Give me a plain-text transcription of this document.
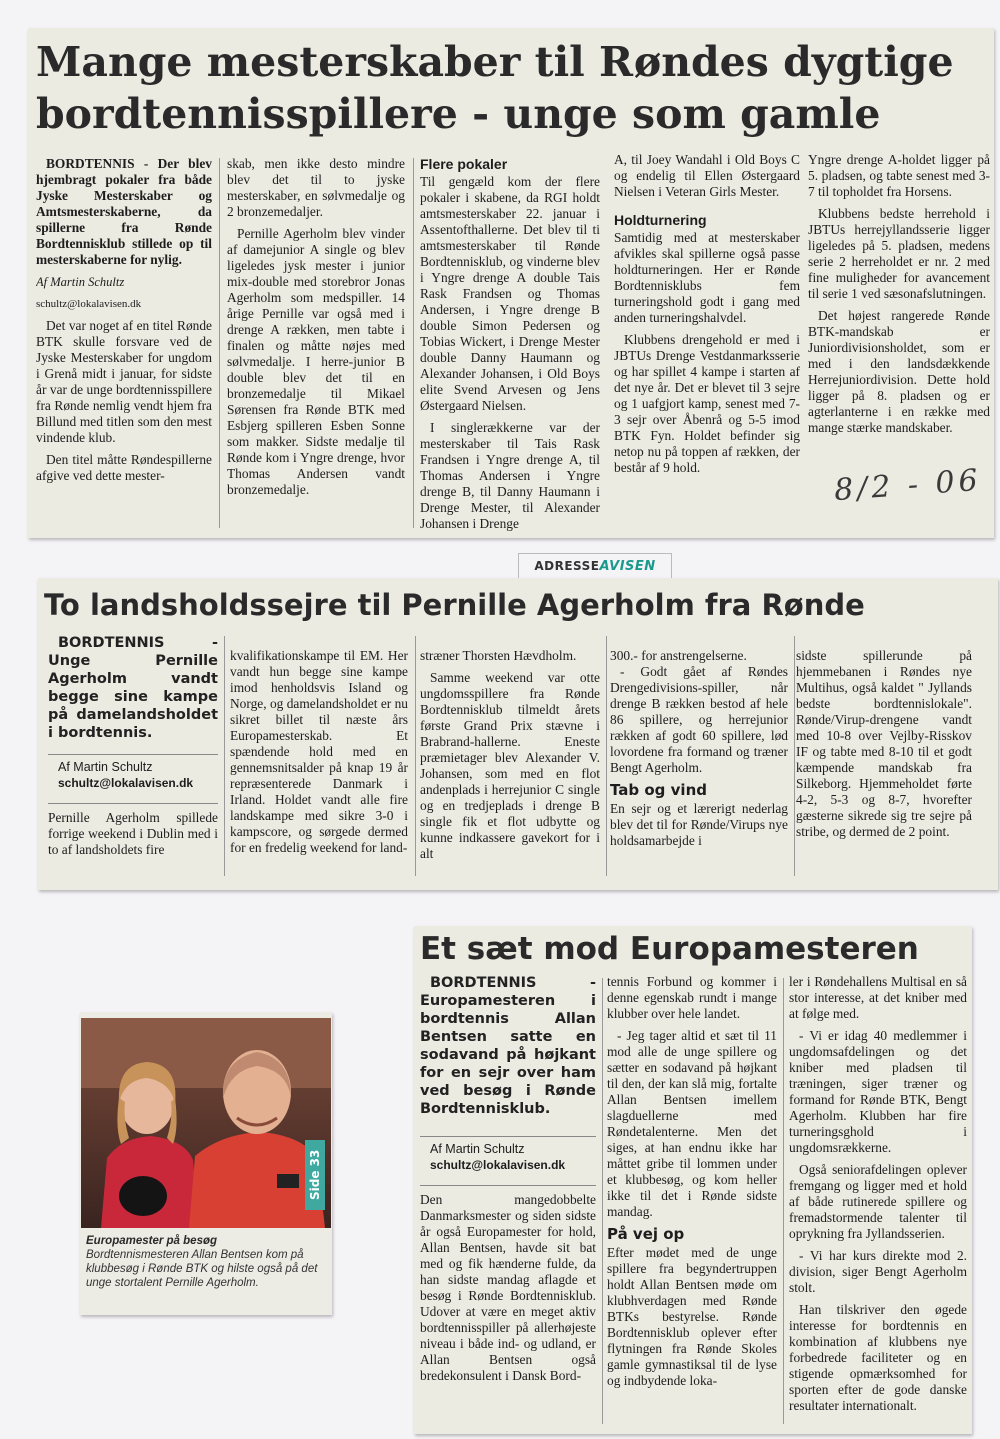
Mange mesterskaber til Røndes dygtige bordtennisspillere - unge som gamle

BORDTENNIS - Der blev hjembragt pokaler fra både Jyske Mesterskaber og Amtsmesterskaberne, da spillerne fra Rønde Bordtennisklub stillede op til mesterskaberne for nylig.

Af Martin Schultz

schultz@lokalavisen.dk

Det var noget af en titel Rønde BTK skulle forsvare ved de Jyske Mesterskaber for ungdom i Grenå midt i januar, for sidste år var de unge bordtennisspillere fra Rønde nemlig vendt hjem fra Billund med titlen som den mest vindende klub.

Den titel måtte Røndespillerne afgive ved dette mester-

skab, men ikke desto mindre blev det til to jyske mesterskaber, en sølvmedalje og 2 bronzemedaljer.

Pernille Agerholm blev vinder af damejunior A single og blev ligeledes jysk mester i junior mix-double med storebror Jonas Agerholm som medspiller. 14 årige Pernille var også med i drenge A rækken, men tabte i finalen og måtte nøjes med sølvmedalje. I herre-junior B double blev det til en bronzemedalje til Mikael Sørensen fra Rønde BTK med Esbjerg spilleren Esben Sonne som makker. Sidste medalje til Rønde kom i Yngre drenge, hvor Thomas Andersen vandt bronzemedalje.

Flere pokaler

Til gengæld kom der flere pokaler i skabene, da RGI holdt amtsmesterskaber 22. januar i Assentofthallerne. Det blev til ti amtsmesterskaber til Rønde Bordtennisklub, og vinderne blev i Yngre drenge A double Tais Rask Frandsen og Thomas Andersen, i Yngre drenge B double Simon Pedersen og Tobias Wickert, i Drenge Mester double Danny Haumann og Alexander Johansen, i Old Boys elite Svend Arvesen og Jens Østergaard Nielsen.

I singlerækkerne var der mesterskaber til Tais Rask Frandsen i Yngre drenge A, til Thomas Andersen i Yngre drenge B, til Danny Haumann i Drenge Mester, til Alexander Johansen i Drenge

A, til Joey Wandahl i Old Boys C og endelig til Ellen Østergaard Nielsen i Veteran Girls Mester.

Holdturnering

Samtidig med at mesterskaber afvikles skal spillerne også passe holdturneringen. Her er Rønde Bordtennisklubs fem turneringshold godt i gang med anden turneringshalvdel.

Klubbens drengehold er med i JBTUs Drenge Vestdanmarksserie og har spillet 4 kampe i starten af det nye år. Det er blevet til 3 sejre og 1 uafgjort kamp, senest med 7-3 sejr over Åbenrå og 5-5 imod BTK Fyn. Holdet befinder sig netop nu på toppen af rækken, der består af 9 hold.

Yngre drenge A-holdet ligger på 5. pladsen, og tabte senest med 3-7 til topholdet fra Horsens.

Klubbens bedste herrehold i JBTUs herrejyllandsserie ligger ligeledes på 5. pladsen, medens serie 2 herreholdet er nr. 2 med fine muligheder for avancement til serie 1 ved sæsonafslutningen.

Det højest rangerede Rønde BTK-mandskab er Juniordivisionsholdet, som er med i den landsdækkende Herrejuniordivision. Dette hold ligger på 8. pladsen og er agterlanterne i en række med mange stærke mandskaber.

8/2 - 06
ADRESSE AVISEN
To landsholdssejre til Pernille Agerholm fra Rønde

BORDTENNIS - Unge Pernille Agerholm vandt begge sine kampe på damelandsholdet i bordtennis.

Af Martin Schultz

schultz@lokalavisen.dk

Pernille Agerholm spillede forrige weekend i Dublin med i to af landsholdets fire

kvalifikationskampe til EM. Her vandt hun begge sine kampe imod henholdsvis Island og Norge, og damelandsholdet er nu sikret billet til næste års Europamesterskab. Et spændende hold med en gennemsnitsalder på knap 19 år repræsenterede Danmark i Irland. Holdet vandt alle fire landskampe med sikre 3-0 i kampscore, og sørgede dermed for en fredelig weekend for land-

stræner Thorsten Hævdholm.

Samme weekend var otte ungdomsspillere fra Rønde Bordtennisklub tilmeldt årets første Grand Prix stævne i Brabrand-hallerne. Eneste præmietager blev Alexander V. Johansen, som med en flot andenplads i herrejunior C single og en tredjeplads i drenge B single fik et flot udbytte og kunne indkassere gavekort for i alt

300.- for anstrengelserne.

- Godt gået af Røndes Drengedivisions-spiller, når drenge B rækken bestod af hele 86 spillere, og herrejunior rækken af godt 60 spillere, lød lovordene fra formand og træner Bengt Agerholm.

Tab og vind

En sejr og et lærerigt nederlag blev det til for Rønde/Virups nye holdsamarbejde i

sidste spillerunde på hjemmebanen i Røndes nye Multihus, også kaldet " Jyllands bedste bordtennislokale". Rønde/Virup-drengene vandt med 10-8 over Vejlby-Risskov IF og tabte med 8-10 til et godt kæmpende mandskab fra Silkeborg. Hjemmeholdet førte 4-2, 5-3 og 8-7, hvorefter gæsterne sikrede sig tre sejre på stribe, og dermed de 2 point.

Side 33
Europamester på besøg
Bordtennismesteren Allan Bentsen kom på klubbesøg i Rønde BTK og hilste også på det unge stortalent Pernille Agerholm.
Et sæt mod Europamesteren

BORDTENNIS - Europamesteren i bordtennis Allan Bentsen satte en sodavand på højkant for en sejr over ham ved besøg i Rønde Bordtennisklub.

Af Martin Schultz

schultz@lokalavisen.dk

Den mangedobbelte Danmarksmester og siden sidste år også Europamester for hold, Allan Bentsen, havde sit bat med og fik hænderne fulde, da han sidste mandag aflagde et besøg i Rønde Bordtennisklub. Udover at være en meget aktiv bordtennisspiller på allerhøjeste niveau i både ind- og udland, er Allan Bentsen også bredekonsulent i Dansk Bord-

tennis Forbund og kommer i denne egenskab rundt i mange klubber over hele landet.

- Jeg tager altid et sæt til 11 mod alle de unge spillere og sætter en sodavand på højkant til den, der kan slå mig, fortalte Allan Bentsen imellem slagduellerne med Røndetalenterne. Men det siges, at han endnu ikke har måttet gribe til lommen under et klubbesøg, og kom heller ikke til det i Rønde sidste mandag.

På vej op

Efter mødet med de unge spillere fra begyndertruppen holdt Allan Bentsen møde om klubhverdagen med Rønde BTKs bestyrelse. Rønde Bordtennisklub oplever efter flytningen fra Rønde Skoles gamle gymnastiksal til de lyse og indbydende loka-

ler i Røndehallens Multisal en så stor interesse, at det kniber med at følge med.

- Vi er idag 40 medlemmer i ungdomsafdelingen og det kniber med pladsen til træningen, siger træner og formand for Rønde BTK, Bengt Agerholm. Klubben har fire turneringsghold i ungdomsrækkerne.

Også seniorafdelingen oplever fremgang og ligger med et hold af både rutinerede spillere og fremadstormende talenter til oprykning fra Jyllandsserien.

- Vi har kurs direkte mod 2. division, siger Bengt Agerholm stolt.

Han tilskriver den øgede interesse for bordtennis en kombination af klubbens nye forbedrede faciliteter og en stigende opmærksomhed for sporten efter de gode danske resultater internationalt.
